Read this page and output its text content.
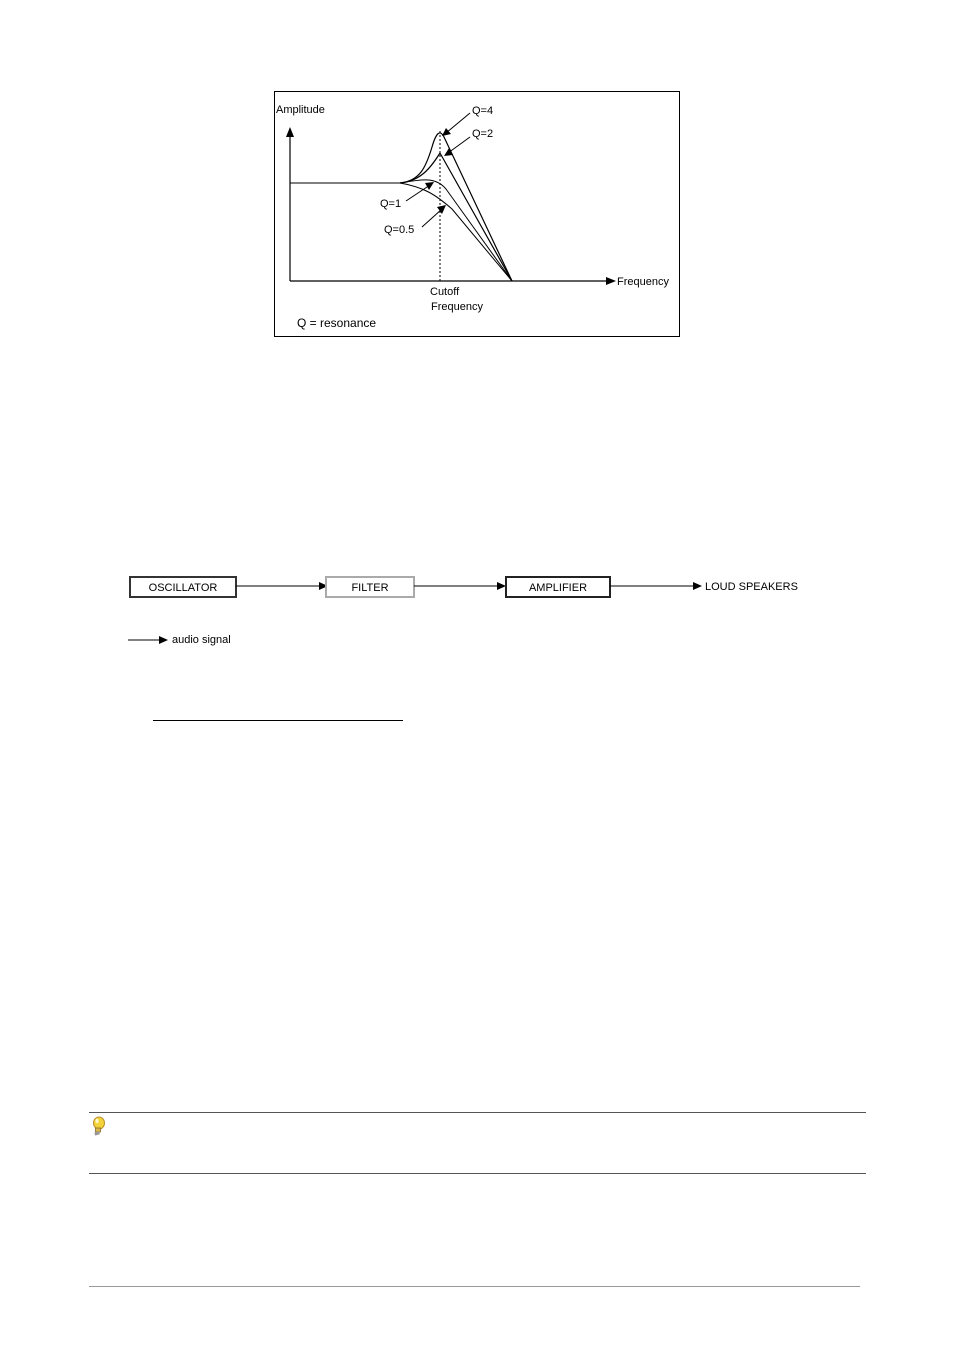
Amplitude
Frequency
Cutoff
Frequency
Q=4
Q=2
Q=1
Q=0.5
Q = resonance
OSCILLATOR	FILTER	AMPLIFIER	LOUD SPEAKERS
audio signal
